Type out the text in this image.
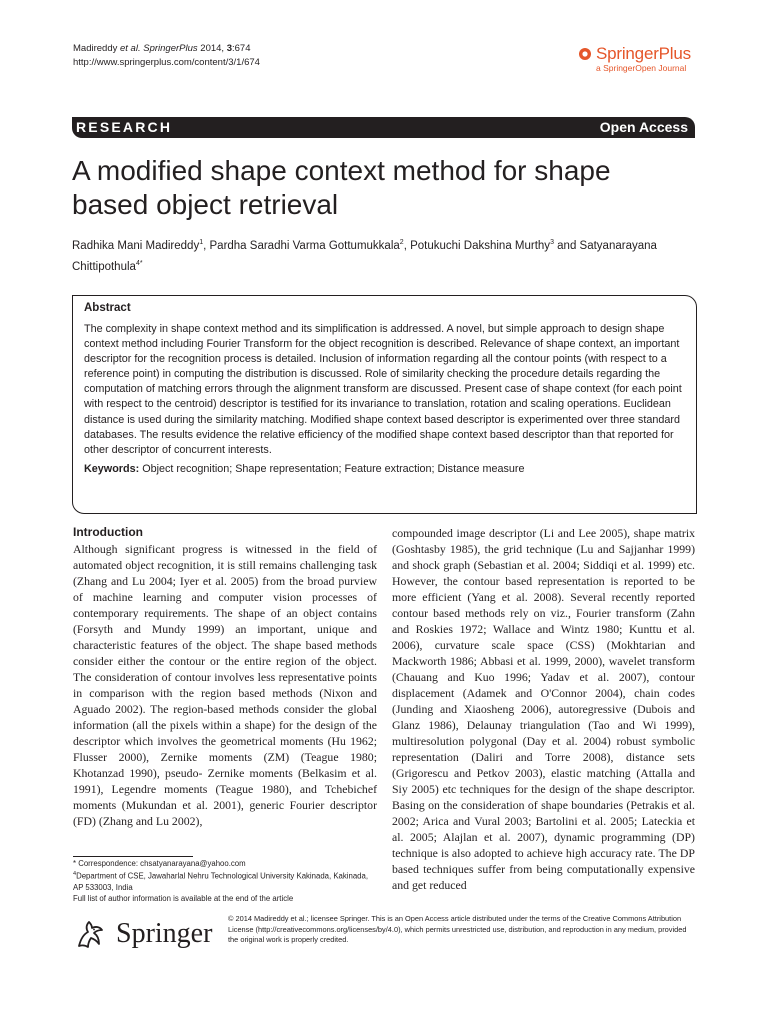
Madireddy et al. SpringerPlus 2014, 3:674
http://www.springerplus.com/content/3/1/674	SpringerPlus
a SpringerOpen Journal
RESEARCH	Open Access
A modified shape context method for shape based object retrieval
Radhika Mani Madireddy$^1$, Pardha Saradhi Varma Gottumukkala$^2$, Potukuchi Dakshina Murthy$^3$ and Satyanarayana Chittipothula$^{4*}$

Abstract

The complexity in shape context method and its simplification is addressed. A novel, but simple approach to design shape context method including Fourier Transform for the object recognition is described. Relevance of shape context, an important descriptor for the recognition process is detailed. Inclusion of information regarding all the contour points (with respect to a reference point) in computing the distribution is discussed. Role of similarity checking the procedure details regarding the computation of matching errors through the alignment transform are discussed. Present case of shape context (for each point with respect to the centroid) descriptor is testified for its invariance to translation, rotation and scaling operations. Euclidean distance is used during the similarity matching. Modified shape context based descriptor is experimented over three standard databases. The results evidence the relative efficiency of the modified shape context based descriptor than that reported for other descriptor of concurrent interests.

Keywords: Object recognition; Shape representation; Feature extraction; Distance measure
Introduction
Although significant progress is witnessed in the field of automated object recognition, it is still remains challenging task (Zhang and Lu 2004; Iyer et al. 2005) from the broad purview of machine learning and computer vision processes of contemporary requirements. The shape of an object contains (Forsyth and Mundy 1999) an important, unique and characteristic features of the object. The shape based methods consider either the contour or the entire region of the object. The consideration of contour involves less representative points in comparison with the region based methods (Nixon and Aguado 2002). The region-based methods consider the global information (all the pixels within a shape) for the design of the descriptor which involves the geometrical moments (Hu 1962; Flusser 2000), Zernike moments (ZM) (Teague 1980; Khotanzad 1990), pseudo- Zernike moments (Belkasim et al. 1991), Legendre moments (Teague 1980), and Tchebichef moments (Mukundan et al. 2001), generic Fourier descriptor (FD) (Zhang and Lu 2002),
compounded image descriptor (Li and Lee 2005), shape matrix (Goshtasby 1985), the grid technique (Lu and Sajjanhar 1999) and shock graph (Sebastian et al. 2004; Siddiqi et al. 1999) etc. However, the contour based representation is reported to be more efficient (Yang et al. 2008). Several recently reported contour based methods rely on viz., Fourier transform (Zahn and Roskies 1972; Wallace and Wintz 1980; Kunttu et al. 2006), curvature scale space (CSS) (Mokhtarian and Mackworth 1986; Abbasi et al. 1999, 2000), wavelet transform (Chauang and Kuo 1996; Yadav et al. 2007), contour displacement (Adamek and O'Connor 2004), chain codes (Junding and Xiaosheng 2006), autoregressive (Dubois and Glanz 1986), Delaunay triangulation (Tao and Wi 1999), multiresolution polygonal (Day et al. 2004) robust symbolic representation (Daliri and Torre 2008), distance sets (Grigorescu and Petkov 2003), elastic matching (Attalla and Siy 2005) etc techniques for the design of the shape descriptor. Basing on the consideration of shape boundaries (Petrakis et al. 2002; Arica and Vural 2003; Bartolini et al. 2005; Lateckia et al. 2005; Alajlan et al. 2007), dynamic programming (DP) technique is also adopted to achieve high accuracy rate. The DP based techniques suffer from being computationally expensive and get reduced
* Correspondence: chsatyanarayana@yahoo.com
$^4$Department of CSE, Jawaharlal Nehru Technological University Kakinada, Kakinada, AP 533003, India
Full list of author information is available at the end of the article
Springer © 2014 Madireddy et al.; licensee Springer. This is an Open Access article distributed under the terms of the Creative Commons Attribution License (http://creativecommons.org/licenses/by/4.0), which permits unrestricted use, distribution, and reproduction in any medium, provided the original work is properly credited.
